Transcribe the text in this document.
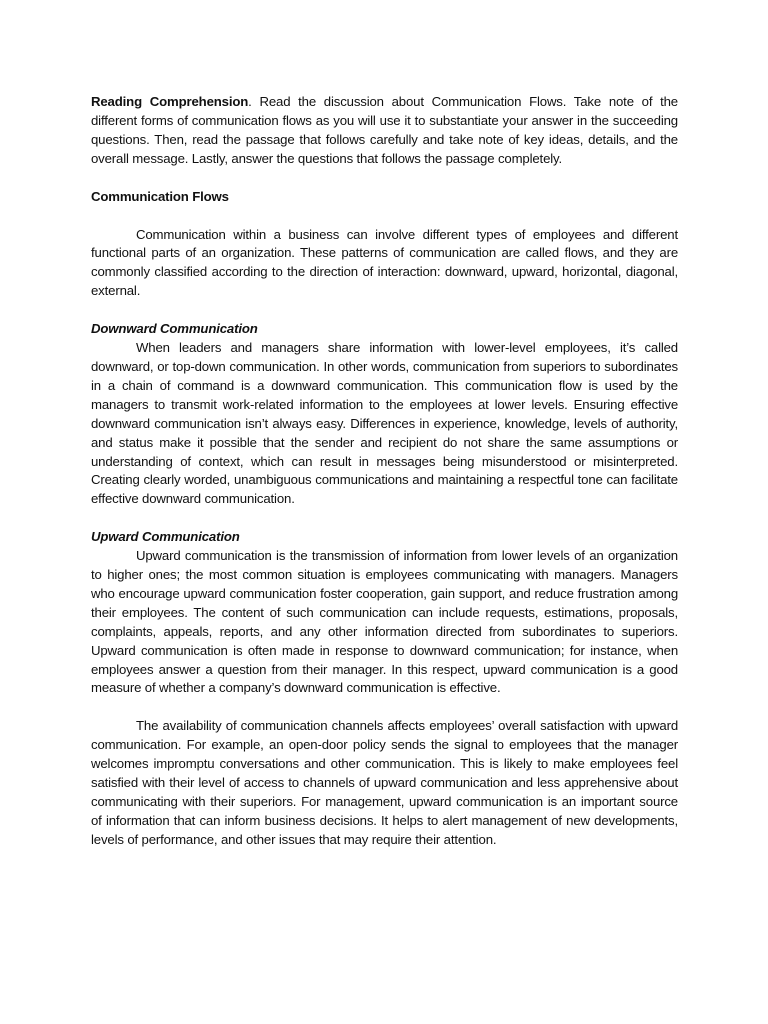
Reading Comprehension. Read the discussion about Communication Flows. Take note of the different forms of communication flows as you will use it to substantiate your answer in the succeeding questions. Then, read the passage that follows carefully and take note of key ideas, details, and the overall message. Lastly, answer the questions that follows the passage completely.

Communication Flows

Communication within a business can involve different types of employees and different functional parts of an organization. These patterns of communication are called flows, and they are commonly classified according to the direction of interaction: downward, upward, horizontal, diagonal, external.

Downward Communication

When leaders and managers share information with lower-level employees, it’s called downward, or top-down communication. In other words, communication from superiors to subordinates in a chain of command is a downward communication. This communication flow is used by the managers to transmit work-related information to the employees at lower levels. Ensuring effective downward communication isn’t always easy. Differences in experience, knowledge, levels of authority, and status make it possible that the sender and recipient do not share the same assumptions or understanding of context, which can result in messages being misunderstood or misinterpreted. Creating clearly worded, unambiguous communications and maintaining a respectful tone can facilitate effective downward communication.

Upward Communication

Upward communication is the transmission of information from lower levels of an organization to higher ones; the most common situation is employees communicating with managers. Managers who encourage upward communication foster cooperation, gain support, and reduce frustration among their employees. The content of such communication can include requests, estimations, proposals, complaints, appeals, reports, and any other information directed from subordinates to superiors. Upward communication is often made in response to downward communication; for instance, when employees answer a question from their manager. In this respect, upward communication is a good measure of whether a company’s downward communication is effective.

The availability of communication channels affects employees’ overall satisfaction with upward communication. For example, an open-door policy sends the signal to employees that the manager welcomes impromptu conversations and other communication. This is likely to make employees feel satisfied with their level of access to channels of upward communication and less apprehensive about communicating with their superiors. For management, upward communication is an important source of information that can inform business decisions. It helps to alert management of new developments, levels of performance, and other issues that may require their attention.
